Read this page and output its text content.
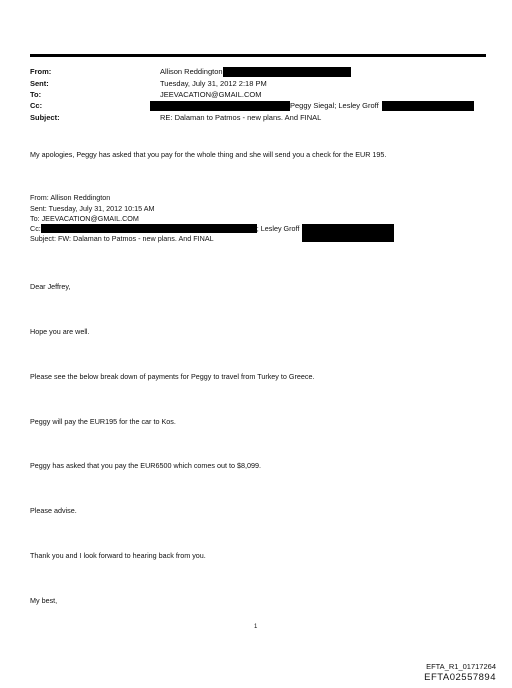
From:	Allison Reddington
Sent:	Tuesday, July 31, 2012 2:18 PM
To:	JEEVACATION@GMAIL.COM
Cc:	Peggy Siegal; Lesley Groff
Subject:	RE: Dalaman to Patmos - new plans. And FINAL
My apologies, Peggy has asked that you pay for the whole thing and she will send you a check for the EUR 195.
From: Allison Reddington
Sent: Tuesday, July 31, 2012 10:15 AM
To: JEEVACATION@GMAIL.COM
Cc:	; Lesley Groff
Subject: FW: Dalaman to Patmos - new plans. And FINAL
Dear Jeffrey,
Hope you are well.
Please see the below break down of payments for Peggy to travel from Turkey to Greece.
Peggy will pay the EUR195 for the car to Kos.
Peggy has asked that you pay the EUR6500 which comes out to $8,099.
Please advise.
Thank you and I look forward to hearing back from you.
My best,
1
EFTA_R1_01717264
EFTA02557894
